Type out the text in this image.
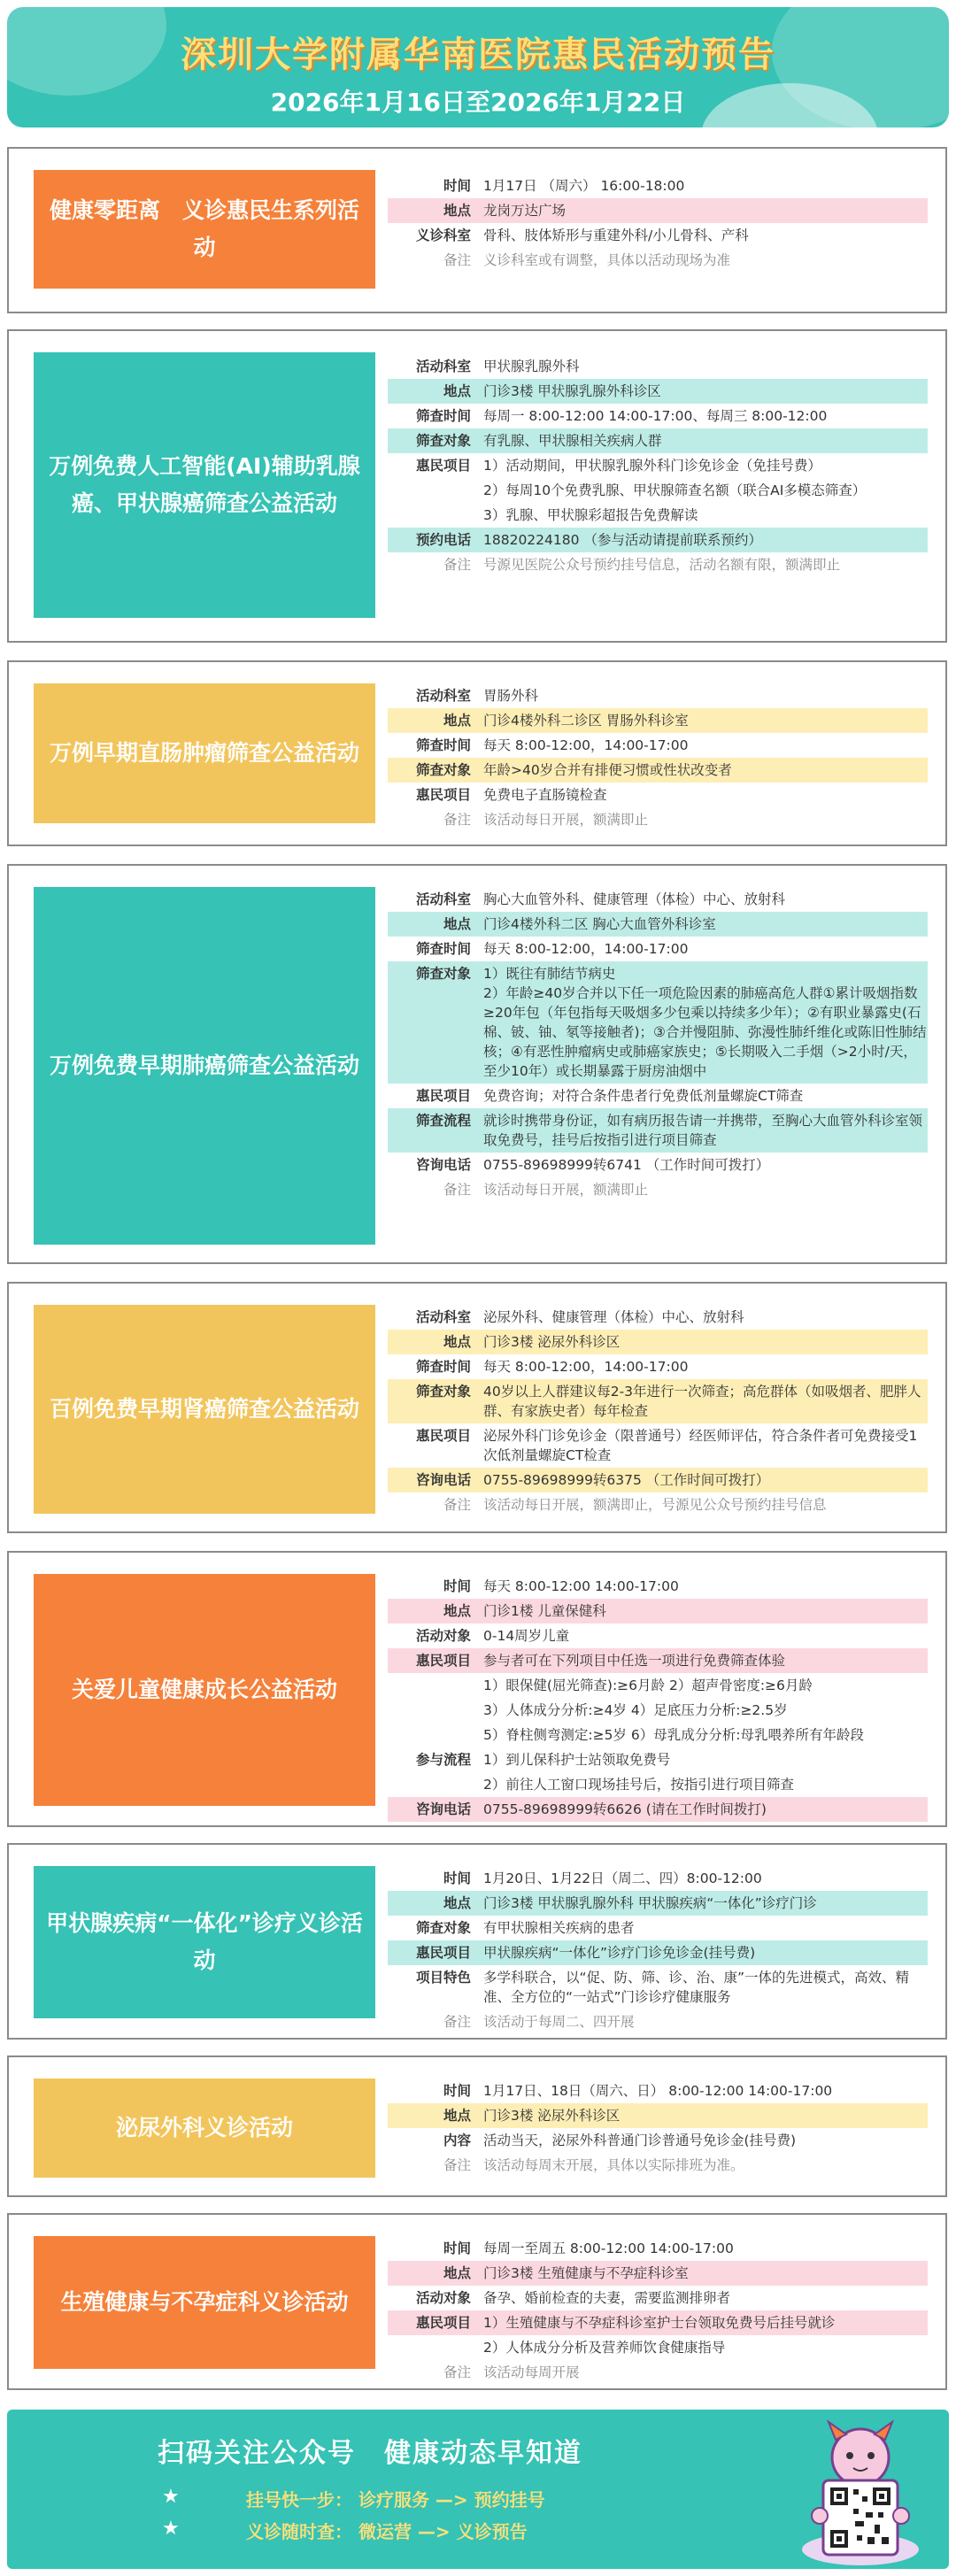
深圳大学附属华南医院惠民活动预告
2026年1月16日至2026年1月22日
健康零距离　义诊惠民生系列活动
时间 1月17日 （周六） 16:00-18:00
地点 龙岗万达广场
义诊科室 骨科、肢体矫形与重建外科/小儿骨科、产科
备注 义诊科室或有调整，具体以活动现场为准
万例免费人工智能(AI)辅助乳腺癌、甲状腺癌筛查公益活动
活动科室 甲状腺乳腺外科
地点 门诊3楼 甲状腺乳腺外科诊区
筛查时间 每周一 8:00-12:00 14:00-17:00、每周三 8:00-12:00
筛查对象 有乳腺、甲状腺相关疾病人群
惠民项目 1）活动期间，甲状腺乳腺外科门诊免诊金（免挂号费）
2）每周10个免费乳腺、甲状腺筛查名额（联合AI多模态筛查）
3）乳腺、甲状腺彩超报告免费解读
预约电话 18820224180 （参与活动请提前联系预约）
备注 号源见医院公众号预约挂号信息，活动名额有限，额满即止
万例早期直肠肿瘤筛查公益活动
活动科室 胃肠外科
地点 门诊4楼外科二诊区 胃肠外科诊室
筛查时间 每天 8:00-12:00，14:00-17:00
筛查对象 年龄>40岁合并有排便习惯或性状改变者
惠民项目 免费电子直肠镜检查
备注 该活动每日开展，额满即止
万例免费早期肺癌筛查公益活动
活动科室 胸心大血管外科、健康管理（体检）中心、放射科
地点 门诊4楼外科二区 胸心大血管外科诊室
筛查时间 每天 8:00-12:00，14:00-17:00
筛查对象 1）既往有肺结节病史
2）年龄≥40岁合并以下任一项危险因素的肺癌高危人群①累计吸烟指数≥20年包（年包指每天吸烟多少包乘以持续多少年）；②有职业暴露史(石棉、铍、铀、氡等接触者)；③合并慢阻肺、弥漫性肺纤维化或陈旧性肺结核；④有恶性肿瘤病史或肺癌家族史；⑤长期吸入二手烟（>2小时/天，至少10年）或长期暴露于厨房油烟中
惠民项目 免费咨询；对符合条件患者行免费低剂量螺旋CT筛查
筛查流程 就诊时携带身份证，如有病历报告请一并携带，至胸心大血管外科诊室领取免费号，挂号后按指引进行项目筛查
咨询电话 0755-89698999转6741 （工作时间可拨打）
备注 该活动每日开展，额满即止
百例免费早期肾癌筛查公益活动
活动科室 泌尿外科、健康管理（体检）中心、放射科
地点 门诊3楼 泌尿外科诊区
筛查时间 每天 8:00-12:00，14:00-17:00
筛查对象 40岁以上人群建议每2-3年进行一次筛查；高危群体（如吸烟者、肥胖人群、有家族史者）每年检查
惠民项目 泌尿外科门诊免诊金（限普通号）经医师评估，符合条件者可免费接受1次低剂量螺旋CT检查
咨询电话 0755-89698999转6375 （工作时间可拨打）
备注 该活动每日开展，额满即止，号源见公众号预约挂号信息
关爱儿童健康成长公益活动
时间 每天 8:00-12:00 14:00-17:00
地点 门诊1楼 儿童保健科
活动对象 0-14周岁儿童
惠民项目 参与者可在下列项目中任选一项进行免费筛查体验
1）眼保健(屈光筛查):≥6月龄 2）超声骨密度:≥6月龄
3）人体成分分析:≥4岁 4）足底压力分析:≥2.5岁
5）脊柱侧弯测定:≥5岁 6）母乳成分分析:母乳喂养所有年龄段
参与流程 1）到儿保科护士站领取免费号
2）前往人工窗口现场挂号后，按指引进行项目筛查
咨询电话 0755-89698999转6626 (请在工作时间拨打)
甲状腺疾病“一体化”诊疗义诊活动
时间 1月20日、1月22日（周二、四）8:00-12:00
地点 门诊3楼 甲状腺乳腺外科 甲状腺疾病“一体化”诊疗门诊
筛查对象 有甲状腺相关疾病的患者
惠民项目 甲状腺疾病“一体化”诊疗门诊免诊金(挂号费)
项目特色 多学科联合，以“促、防、筛、诊、治、康”一体的先进模式，高效、精准、全方位的“一站式”门诊诊疗健康服务
备注 该活动于每周二、四开展
泌尿外科义诊活动
时间 1月17日、18日（周六、日） 8:00-12:00 14:00-17:00
地点 门诊3楼 泌尿外科诊区
内容 活动当天，泌尿外科普通门诊普通号免诊金(挂号费)
备注 该活动每周末开展，具体以实际排班为准。
生殖健康与不孕症科义诊活动
时间 每周一至周五 8:00-12:00 14:00-17:00
地点 门诊3楼 生殖健康与不孕症科诊室
活动对象 备孕、婚前检查的夫妻，需要监测排卵者
惠民项目 1）生殖健康与不孕症科诊室护士台领取免费号后挂号就诊
2）人体成分分析及营养师饮食健康指导
备注 该活动每周开展
扫码关注公众号　健康动态早知道
★	挂号快一步： 诊疗服务 —> 预约挂号
★	义诊随时查： 微运营 —> 义诊预告
